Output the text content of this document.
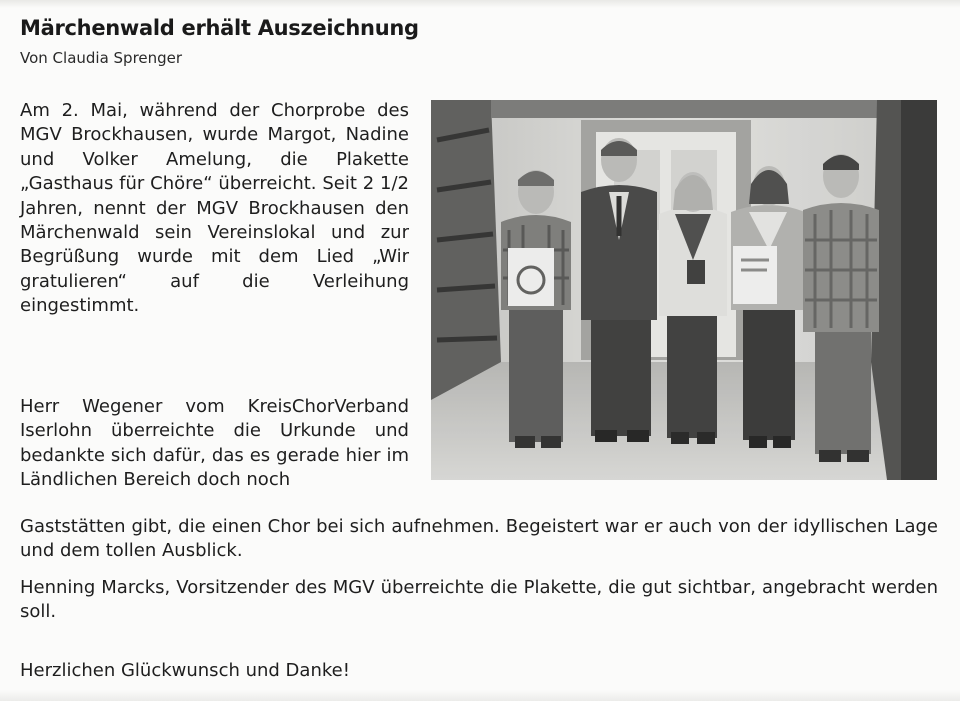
Märchenwald erhält Auszeichnung

Von Claudia Sprenger

Am 2. Mai, während der Chorprobe des MGV Brockhausen, wurde Margot, Nadine und Volker Amelung, die Plakette „Gasthaus für Chöre“ überreicht. Seit 2 1/2 Jahren, nennt der MGV Brockhausen den Märchenwald sein Vereinslokal und zur Begrüßung wurde mit dem Lied „Wir gratulieren“ auf die Verleihung eingestimmt.

Herr Wegener vom KreisChorVerband Iserlohn überreichte die Urkunde und bedankte sich dafür, das es gerade hier im Ländlichen Bereich doch noch

Gaststätten gibt, die einen Chor bei sich aufnehmen. Begeistert war er auch von der idyllischen Lage und dem tollen Ausblick.

Henning Marcks, Vorsitzender des MGV überreichte die Plakette, die gut sichtbar, angebracht werden soll.

Herzlichen Glückwunsch und Danke!
